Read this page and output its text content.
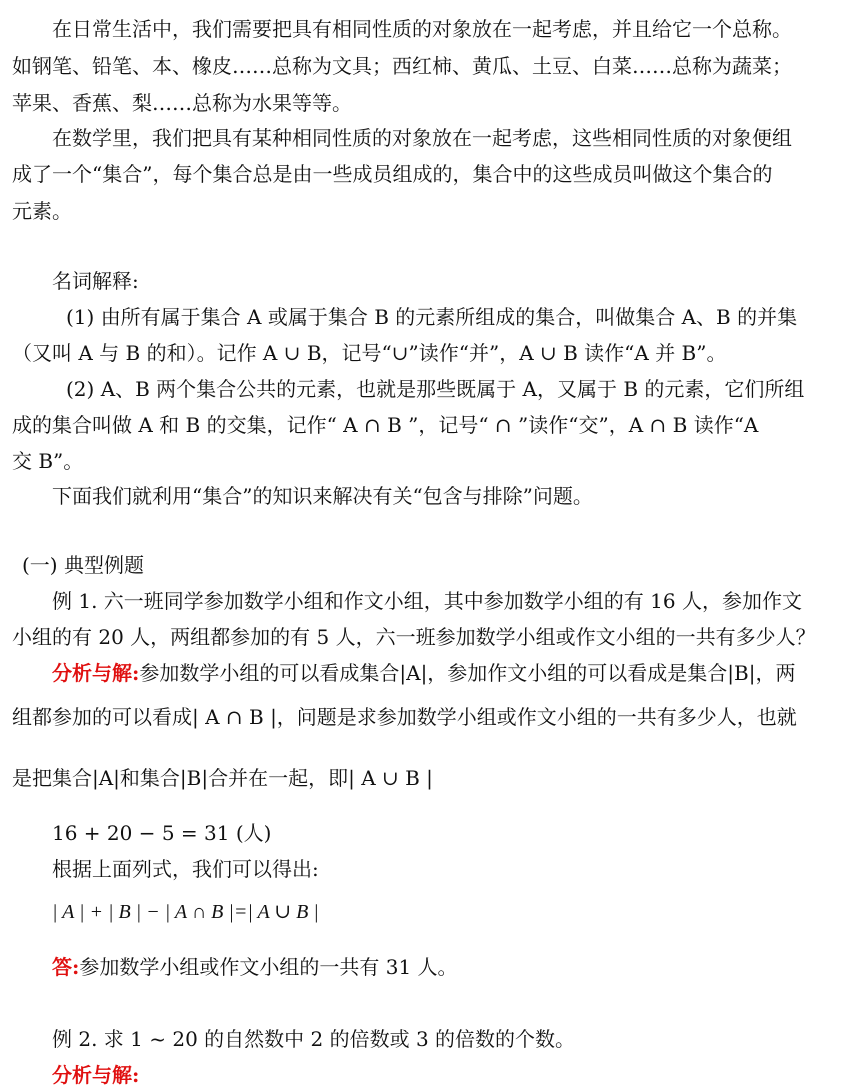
在日常生活中，我们需要把具有相同性质的对象放在一起考虑，并且给它一个总称。
如钢笔、铅笔、本、橡皮……总称为文具；西红柿、黄瓜、土豆、白菜……总称为蔬菜；
苹果、香蕉、梨……总称为水果等等。
在数学里，我们把具有某种相同性质的对象放在一起考虑，这些相同性质的对象便组
成了一个“集合”，每个集合总是由一些成员组成的，集合中的这些成员叫做这个集合的
元素。
名词解释:
(1) 由所有属于集合 A 或属于集合 B 的元素所组成的集合，叫做集合 A、B 的并集
（又叫 A 与 B 的和）。记作 A ∪ B，记号“∪”读作“并”，A ∪ B 读作“A 并 B”。
(2) A、B 两个集合公共的元素，也就是那些既属于 A，又属于 B 的元素，它们所组
成的集合叫做 A 和 B 的交集，记作“ A ∩ B ”，记号“ ∩ ”读作“交”，A ∩ B 读作“A
交 B”。
下面我们就利用“集合”的知识来解决有关“包含与排除”问题。
(一) 典型例题
例 1. 六一班同学参加数学小组和作文小组，其中参加数学小组的有 16 人，参加作文
小组的有 20 人，两组都参加的有 5 人，六一班参加数学小组或作文小组的一共有多少人？
分析与解:参加数学小组的可以看成集合|A|，参加作文小组的可以看成是集合|B|，两
组都参加的可以看成| A ∩ B |，问题是求参加数学小组或作文小组的一共有多少人，也就
是把集合|A|和集合|B|合并在一起，即| A ∪ B |
16 + 20 − 5 = 31 (人)
根据上面列式，我们可以得出:
| A | + | B | − | A ∩ B |=| A ∪ B |
答:参加数学小组或作文小组的一共有 31 人。
例 2. 求 1 ~ 20 的自然数中 2 的倍数或 3 的倍数的个数。
分析与解:
